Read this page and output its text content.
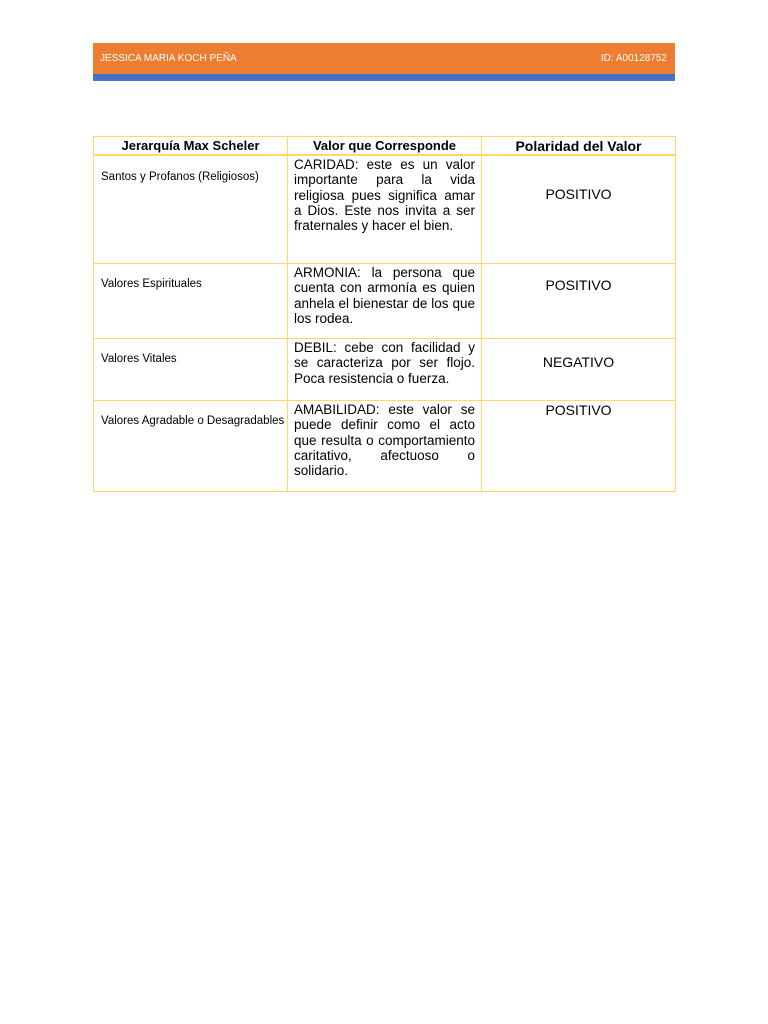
JESSICA MARIA KOCH PEÑA	ID: A00128752
Jerarquía Max Scheler	Valor que Corresponde	Polaridad del Valor
Santos y Profanos (Religiosos)	CARIDAD: este es un valor importante para la vida religiosa pues significa amar a Dios. Este nos invita a ser fraternales y hacer el bien.	POSITIVO
Valores Espirituales	ARMONIA: la persona que cuenta con armonía es quien anhela el bienestar de los que los rodea.	POSITIVO
Valores Vitales	DEBIL: cebe con facilidad y se caracteriza por ser flojo. Poca resistencia o fuerza.	NEGATIVO
Valores Agradable o Desagradables	AMABILIDAD: este valor se puede definir como el acto que resulta o comportamiento caritativo, afectuoso o solidario.	POSITIVO
